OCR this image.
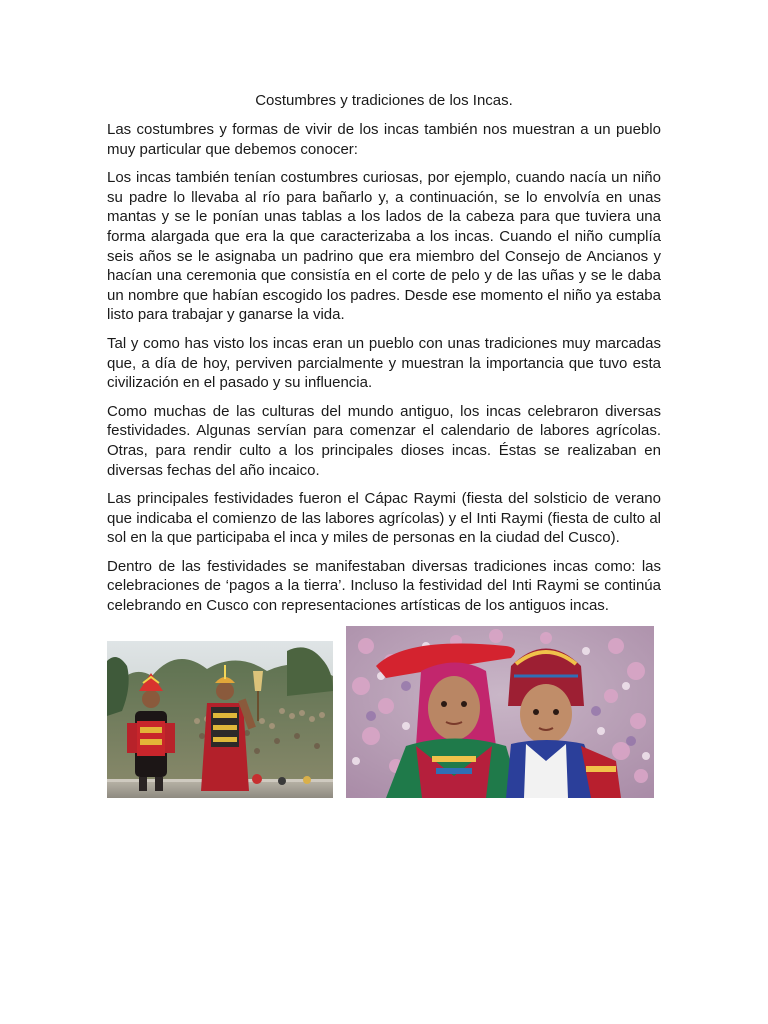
Costumbres y tradiciones de los Incas.

Las costumbres y formas de vivir de los incas también nos muestran a un pueblo muy particular que debemos conocer:

Los incas también tenían costumbres curiosas, por ejemplo, cuando nacía un niño su padre lo llevaba al río para bañarlo y, a continuación, se lo envolvía en unas mantas y se le ponían unas tablas a los lados de la cabeza para que tuviera una forma alargada que era la que caracterizaba a los incas. Cuando el niño cumplía seis años se le asignaba un padrino que era miembro del Consejo de Ancianos y hacían una ceremonia que consistía en el corte de pelo y de las uñas y se le daba un nombre que habían escogido los padres. Desde ese momento el niño ya estaba listo para trabajar y ganarse la vida.

Tal y como has visto los incas eran un pueblo con unas tradiciones muy marcadas que, a día de hoy, perviven parcialmente y muestran la importancia que tuvo esta civilización en el pasado y su influencia.

Como muchas de las culturas del mundo antiguo, los incas celebraron diversas festividades. Algunas servían para comenzar el calendario de labores agrícolas. Otras, para rendir culto a los principales dioses incas. Éstas se realizaban en diversas fechas del año incaico.

Las principales festividades fueron el Cápac Raymi (fiesta del solsticio de verano que indicaba el comienzo de las labores agrícolas) y el Inti Raymi (fiesta de culto al sol en la que participaba el inca y miles de personas en la ciudad del Cusco).

Dentro de las festividades se manifestaban diversas tradiciones incas como: las celebraciones de ‘pagos a la tierra’. Incluso la festividad del Inti Raymi se continúa celebrando en Cusco con representaciones artísticas de los antiguos incas.
